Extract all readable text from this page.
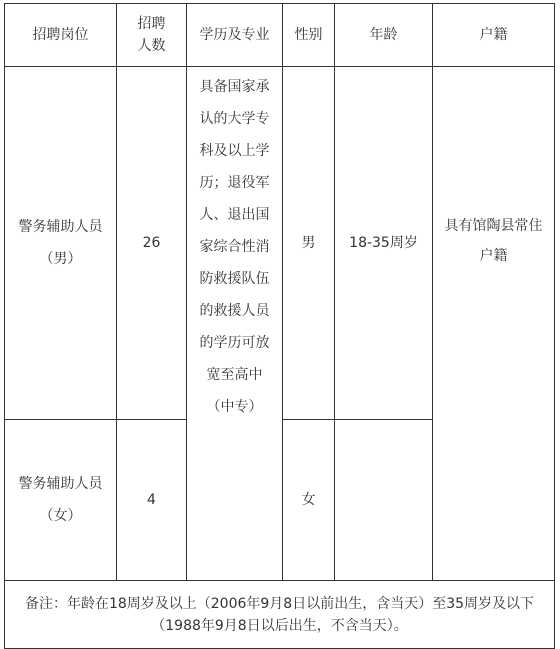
招聘岗位	招聘人数	学历及专业	性别	年龄	户籍

警务辅助人员（男）	26	具备国家承认的大学专科及以上学历；退役军人、退出国家综合性消防救援队伍的救援人员的学历可放宽至高中（中专）	男	18-35周岁	具有馆陶县常住户籍

警务辅助人员（女）	4		女		

备注：年龄在18周岁及以上（2006年9月8日以前出生，含当天）至35周岁及以下（1988年9月8日以后出生，不含当天）。					
